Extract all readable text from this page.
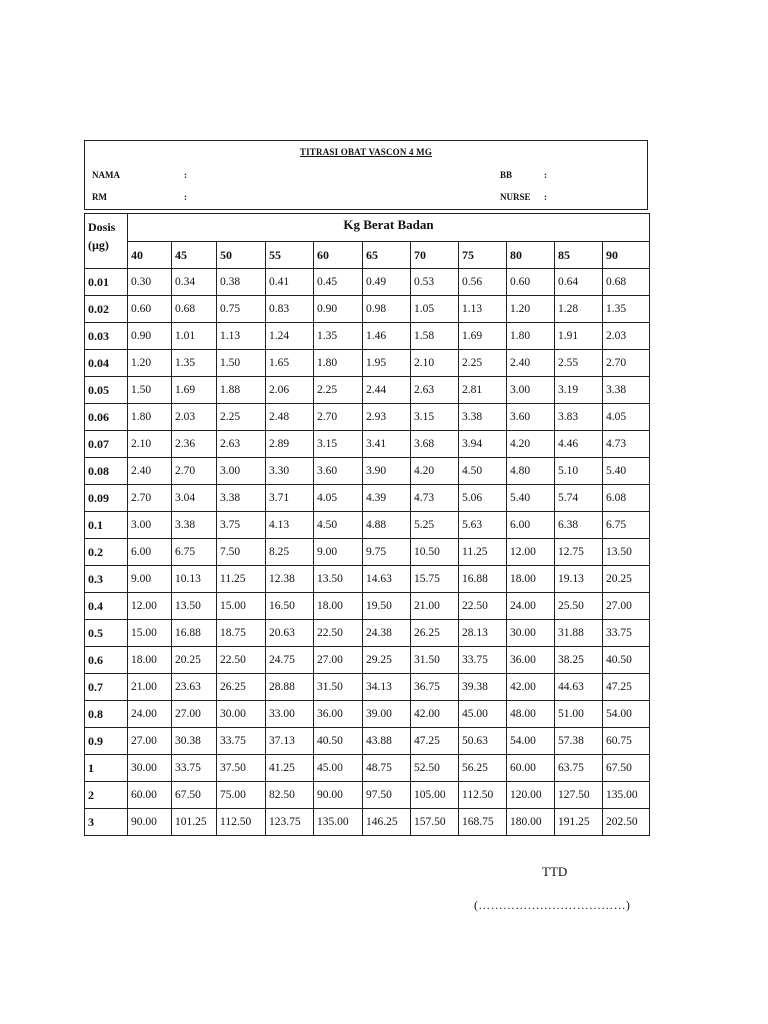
TITRASI OBAT VASCON 4 MG
NAMA	:	BB	:
RM	:	NURSE :
Dosis
(µg)	Kg Berat Badan										
	40	45	50	55	60	65	70	75	80	85	90
0.01	0.30	0.34	0.38	0.41	0.45	0.49	0.53	0.56	0.60	0.64	0.68
0.02	0.60	0.68	0.75	0.83	0.90	0.98	1.05	1.13	1.20	1.28	1.35
0.03	0.90	1.01	1.13	1.24	1.35	1.46	1.58	1.69	1.80	1.91	2.03
0.04	1.20	1.35	1.50	1.65	1.80	1.95	2.10	2.25	2.40	2.55	2.70
0.05	1.50	1.69	1.88	2.06	2.25	2.44	2.63	2.81	3.00	3.19	3.38
0.06	1.80	2.03	2.25	2.48	2.70	2.93	3.15	3.38	3.60	3.83	4.05
0.07	2.10	2.36	2.63	2.89	3.15	3.41	3.68	3.94	4.20	4.46	4.73
0.08	2.40	2.70	3.00	3.30	3.60	3.90	4.20	4.50	4.80	5.10	5.40
0.09	2.70	3.04	3.38	3.71	4.05	4.39	4.73	5.06	5.40	5.74	6.08
0.1	3.00	3.38	3.75	4.13	4.50	4.88	5.25	5.63	6.00	6.38	6.75
0.2	6.00	6.75	7.50	8.25	9.00	9.75	10.50	11.25	12.00	12.75	13.50
0.3	9.00	10.13	11.25	12.38	13.50	14.63	15.75	16.88	18.00	19.13	20.25
0.4	12.00	13.50	15.00	16.50	18.00	19.50	21.00	22.50	24.00	25.50	27.00
0.5	15.00	16.88	18.75	20.63	22.50	24.38	26.25	28.13	30.00	31.88	33.75
0.6	18.00	20.25	22.50	24.75	27.00	29.25	31.50	33.75	36.00	38.25	40.50
0.7	21.00	23.63	26.25	28.88	31.50	34.13	36.75	39.38	42.00	44.63	47.25
0.8	24.00	27.00	30.00	33.00	36.00	39.00	42.00	45.00	48.00	51.00	54.00
0.9	27.00	30.38	33.75	37.13	40.50	43.88	47.25	50.63	54.00	57.38	60.75
1	30.00	33.75	37.50	41.25	45.00	48.75	52.50	56.25	60.00	63.75	67.50
2	60.00	67.50	75.00	82.50	90.00	97.50	105.00	112.50	120.00	127.50	135.00
3	90.00	101.25	112.50	123.75	135.00	146.25	157.50	168.75	180.00	191.25	202.50
TTD
(………………………………)
